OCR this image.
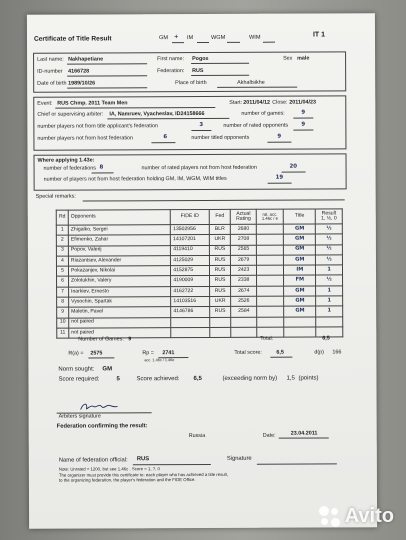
Certificate of Title Result	GM + IM	WGM	WIM	IT 1
Last name: Nakhapetiane	First name: Pogos	Sex male
ID-number 4166728	Federation: RUS
Date of birth 1989/10/26	Place of birth	Akhaltsikhe
Event: RUS Chmp. 2011 Team Men	Start: 2011/04/12 Close: 2011/04/23
Chief or supervising arbiter: IA, Namruev, Vyacheslav, ID24158666	number of games:	9
number players not from title applicant's federation	3	number of rated opponents 9
number players not from host federation	6	number titled opponents	9
Where applying 1.43e:
number of federations 8	number of rated players not from host federation	20
number of players not from host federation holding GM, IM, WGM, WIM titles	19
Special remarks:
Rd	Opponents	FIDE ID	Fed	Actual Rating	rat. acc. 1.46c / e	Title	Result
1, ½, 0

1	Zhigalko, Sergei	13502956	BLR	2680		GM	½
2	Efimenko, Zahar	14107201	UKR	2708		GM	½
3	Popov, Valerij	4119410	RUS	2565		GM	½
4	Riazantsev, Alexander	4125029	RUS	2679		GM	½
5	Pokazanjev, Nikolai	4152875	RUS	2423		IM	1
6	Zolotukhin, Valery	4190009	RUS	2338		FM	½
7	Inarkiev, Ernesto	4162722	RUS	2674		GM	1
8	Vysochin, Spartak	14103516	UKR	2526		GM	1
9	Maletin, Pavel	4146786	RUS	2584		GM	1
10	not paired						
11	not paired						
Number of Games: 9	Total:	6,5
R(a) = 2575	Rp = 2741
acc. 1.46c / 1.46e
Total score:	6,5	d(p) 166
Norm sought: GM
Score required:	5	Score achieved: 6,5	(exceeding norm by) 1,5 (points)
Arbiters signature
Federation confirming the result:
Russia	Date:	23.04.2011
Name of federation official: RUS	Signature
Note: Unrated = 1200, but see 1.46c . Score = 1, ?, 0
The organizer must provide this certificate to: each player who has achieved a title result,
to the organizing federation, the player's federation and the FIDE Office.
Avito
